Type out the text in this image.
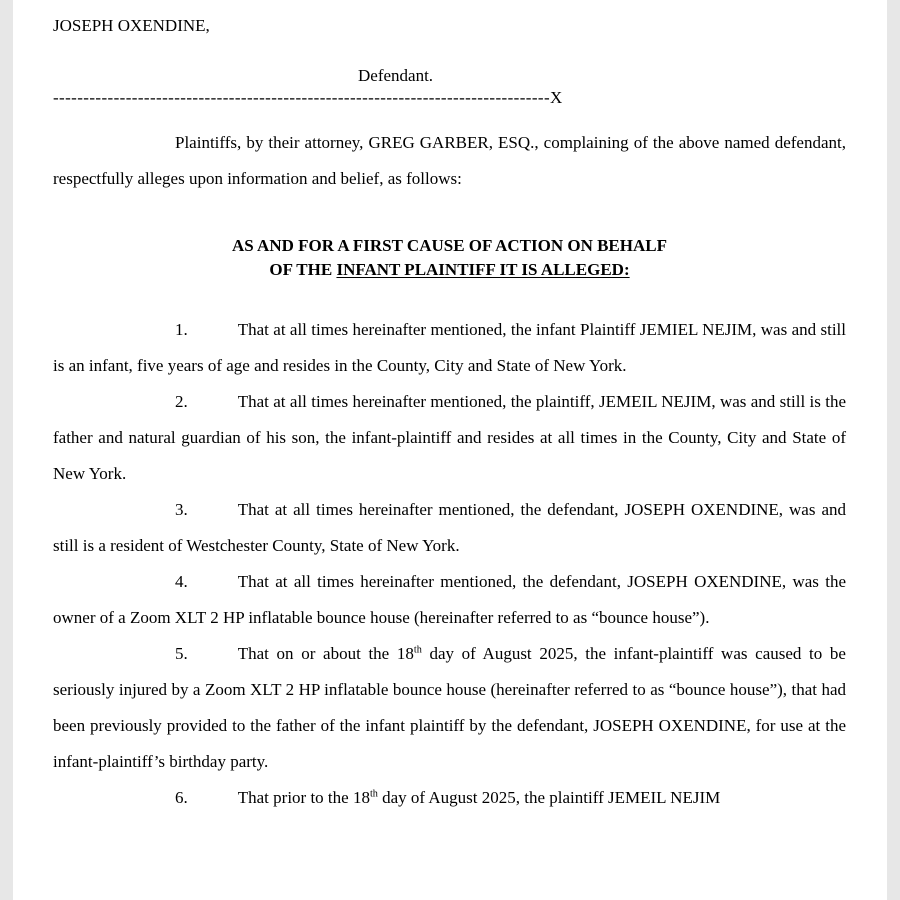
JOSEPH OXENDINE,
Defendant.
----------------------------------------------------------------------------------X

Plaintiffs, by their attorney, GREG GARBER, ESQ., complaining of the above named defendant, respectfully alleges upon information and belief, as follows:

AS AND FOR A FIRST CAUSE OF ACTION ON BEHALF
OF THE INFANT PLAINTIFF IT IS ALLEGED:

1.	That at all times hereinafter mentioned, the infant Plaintiff JEMIEL NEJIM, was and still is an infant, five years of age and resides in the County, City and State of New York.

2.	That at all times hereinafter mentioned, the plaintiff, JEMEIL NEJIM, was and still is the father and natural guardian of his son, the infant-plaintiff and resides at all times in the County, City and State of New York.

3.	That at all times hereinafter mentioned, the defendant, JOSEPH OXENDINE, was and still is a resident of Westchester County, State of New York.

4.	That at all times hereinafter mentioned, the defendant, JOSEPH OXENDINE, was the owner of a Zoom XLT 2 HP inflatable bounce house (hereinafter referred to as “bounce house”).

5.	That on or about the 18th day of August 2025, the infant-plaintiff was caused to be seriously injured by a Zoom XLT 2 HP inflatable bounce house (hereinafter referred to as “bounce house”), that had been previously provided to the father of the infant plaintiff by the defendant, JOSEPH OXENDINE, for use at the infant-plaintiff’s birthday party.

6.	That prior to the 18th day of August 2025, the plaintiff JEMEIL NEJIM
